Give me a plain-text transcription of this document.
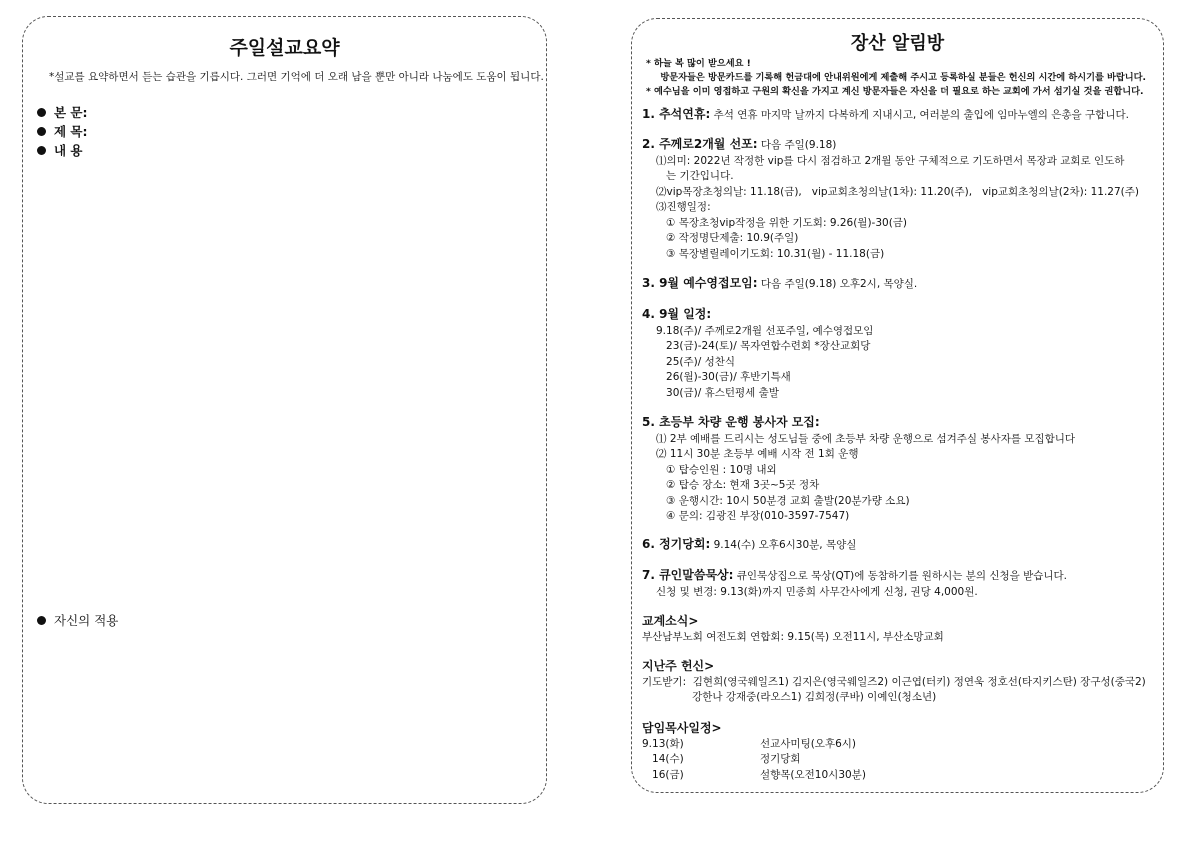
주일설교요약
*설교를 요약하면서 듣는 습관을 기릅시다. 그러면 기억에 더 오래 남을 뿐만 아니라 나눔에도 도움이 됩니다.
본 문:
제 목:
내 용
자신의 적용
장산 알림방
* 하늘 복 많이 받으세요 !
방문자들은 방문카드를 기록해 헌금대에 안내위원에게 제출해 주시고 등록하실 분들은 헌신의 시간에 하시기를 바랍니다.
* 예수님을 이미 영접하고 구원의 확신을 가지고 계신 방문자들은 자신을 더 필요로 하는 교회에 가서 섬기실 것을 권합니다.
1. 추석연휴: 추석 연휴 마지막 날까지 다복하게 지내시고, 여러분의 출입에 임마누엘의 은총을 구합니다.
2. 주께로2개월 선포: 다음 주일(9.18)
⑴의미: 2022년 작정한 vip를 다시 점검하고 2개월 동안 구체적으로 기도하면서 목장과 교회로 인도하
는 기간입니다.
⑵vip목장초청의날: 11.18(금),   vip교회초청의날(1차): 11.20(주),   vip교회초청의날(2차): 11.27(주)
⑶진행일정:
① 목장초청vip작정을 위한 기도회: 9.26(월)-30(금)
② 작정명단제출: 10.9(주일)
③ 목장별릴레이기도회: 10.31(월) - 11.18(금)
3. 9월 예수영접모임: 다음 주일(9.18) 오후2시, 목양실.
4. 9월 일정:
9.18(주)/ 주께로2개월 선포주일, 예수영접모임
23(금)-24(토)/ 목자연합수련회 *장산교회당
25(주)/ 성찬식
26(월)-30(금)/ 후반기특새
30(금)/ 휴스턴평세 출발
5. 초등부 차량 운행 봉사자 모집:
⑴ 2부 예배를 드리시는 성도님들 중에 초등부 차량 운행으로 섬겨주실 봉사자를 모집합니다
⑵ 11시 30분 초등부 예배 시작 전 1회 운행
① 탑승인원 : 10명 내외
② 탑승 장소: 현재 3곳~5곳 정차
③ 운행시간: 10시 50분경 교회 출발(20분가량 소요)
④ 문의: 김광진 부장(010-3597-7547)
6. 정기당회: 9.14(수) 오후6시30분, 목양실
7. 큐인말씀묵상: 큐인묵상집으로 묵상(QT)에 동참하기를 원하시는 분의 신청을 받습니다.
신청 및 변경: 9.13(화)까지 민종희 사무간사에게 신청, 권당 4,000원.
교계소식>
부산남부노회 여전도회 연합회: 9.15(목) 오전11시, 부산소망교회
지난주 헌신>
기도받기:  김현희(영국웨일즈1) 김지은(영국웨일즈2) 이근엽(터키) 정연욱 정호선(타지키스탄) 장구성(중국2)
강한나 강재중(라오스1) 김희정(쿠바) 이예인(청소년)
담임목사일정>
9.13(화)	선교사미팅(오후6시)
14(수)	정기당회
16(금)	설향목(오전10시30분)
